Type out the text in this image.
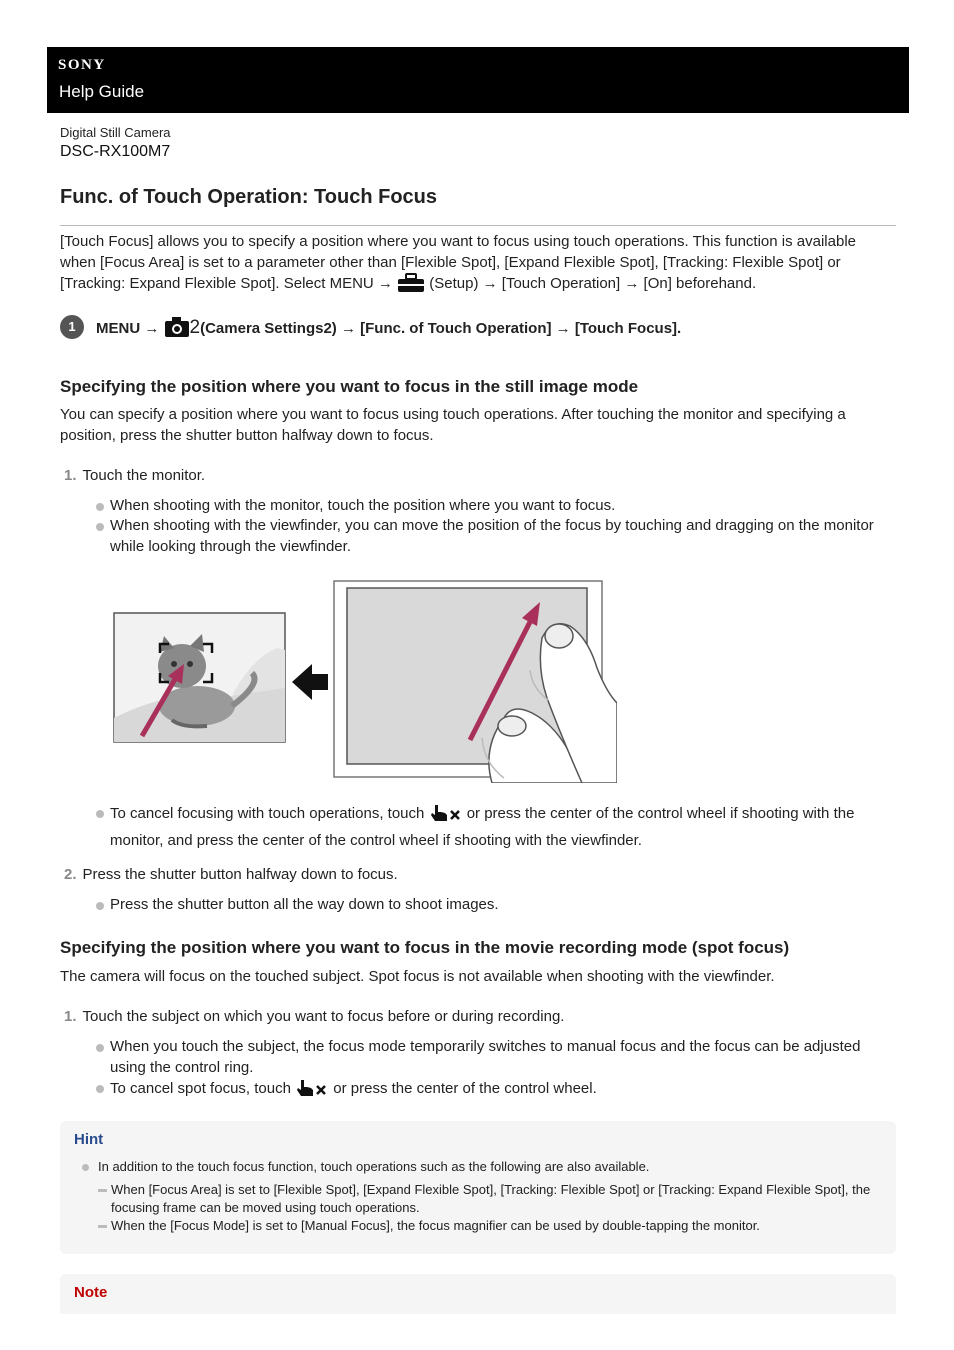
SONY
Help Guide
Digital Still Camera
DSC-RX100M7
Func. of Touch Operation: Touch Focus

[Touch Focus] allows you to specify a position where you want to focus using touch operations. This function is available when [Focus Area] is set to a parameter other than [Flexible Spot], [Expand Flexible Spot], [Tracking: Flexible Spot] or [Tracking: Expand Flexible Spot]. Select MENU → (Setup) → [Touch Operation] → [On] beforehand.

1	MENU → 2(Camera Settings2) → [Func. of Touch Operation] → [Touch Focus].
Specifying the position where you want to focus in the still image mode

You can specify a position where you want to focus using touch operations. After touching the monitor and specifying a position, press the shutter button halfway down to focus.

1. Touch the monitor.
When shooting with the monitor, touch the position where you want to focus.
When shooting with the viewfinder, you can move the position of the focus by touching and dragging on the monitor while looking through the viewfinder.
To cancel focusing with touch operations, touch	or press the center of the control wheel if shooting with the monitor, and press the center of the control wheel if shooting with the viewfinder.
2. Press the shutter button halfway down to focus.
Press the shutter button all the way down to shoot images.
Specifying the position where you want to focus in the movie recording mode (spot focus)

The camera will focus on the touched subject. Spot focus is not available when shooting with the viewfinder.

1. Touch the subject on which you want to focus before or during recording.
When you touch the subject, the focus mode temporarily switches to manual focus and the focus can be adjusted using the control ring.
To cancel spot focus, touch	or press the center of the control wheel.
Hint
In addition to the touch focus function, touch operations such as the following are also available.
When [Focus Area] is set to [Flexible Spot], [Expand Flexible Spot], [Tracking: Flexible Spot] or [Tracking: Expand Flexible Spot], the focusing frame can be moved using touch operations.
When the [Focus Mode] is set to [Manual Focus], the focus magnifier can be used by double-tapping the monitor.
Note
